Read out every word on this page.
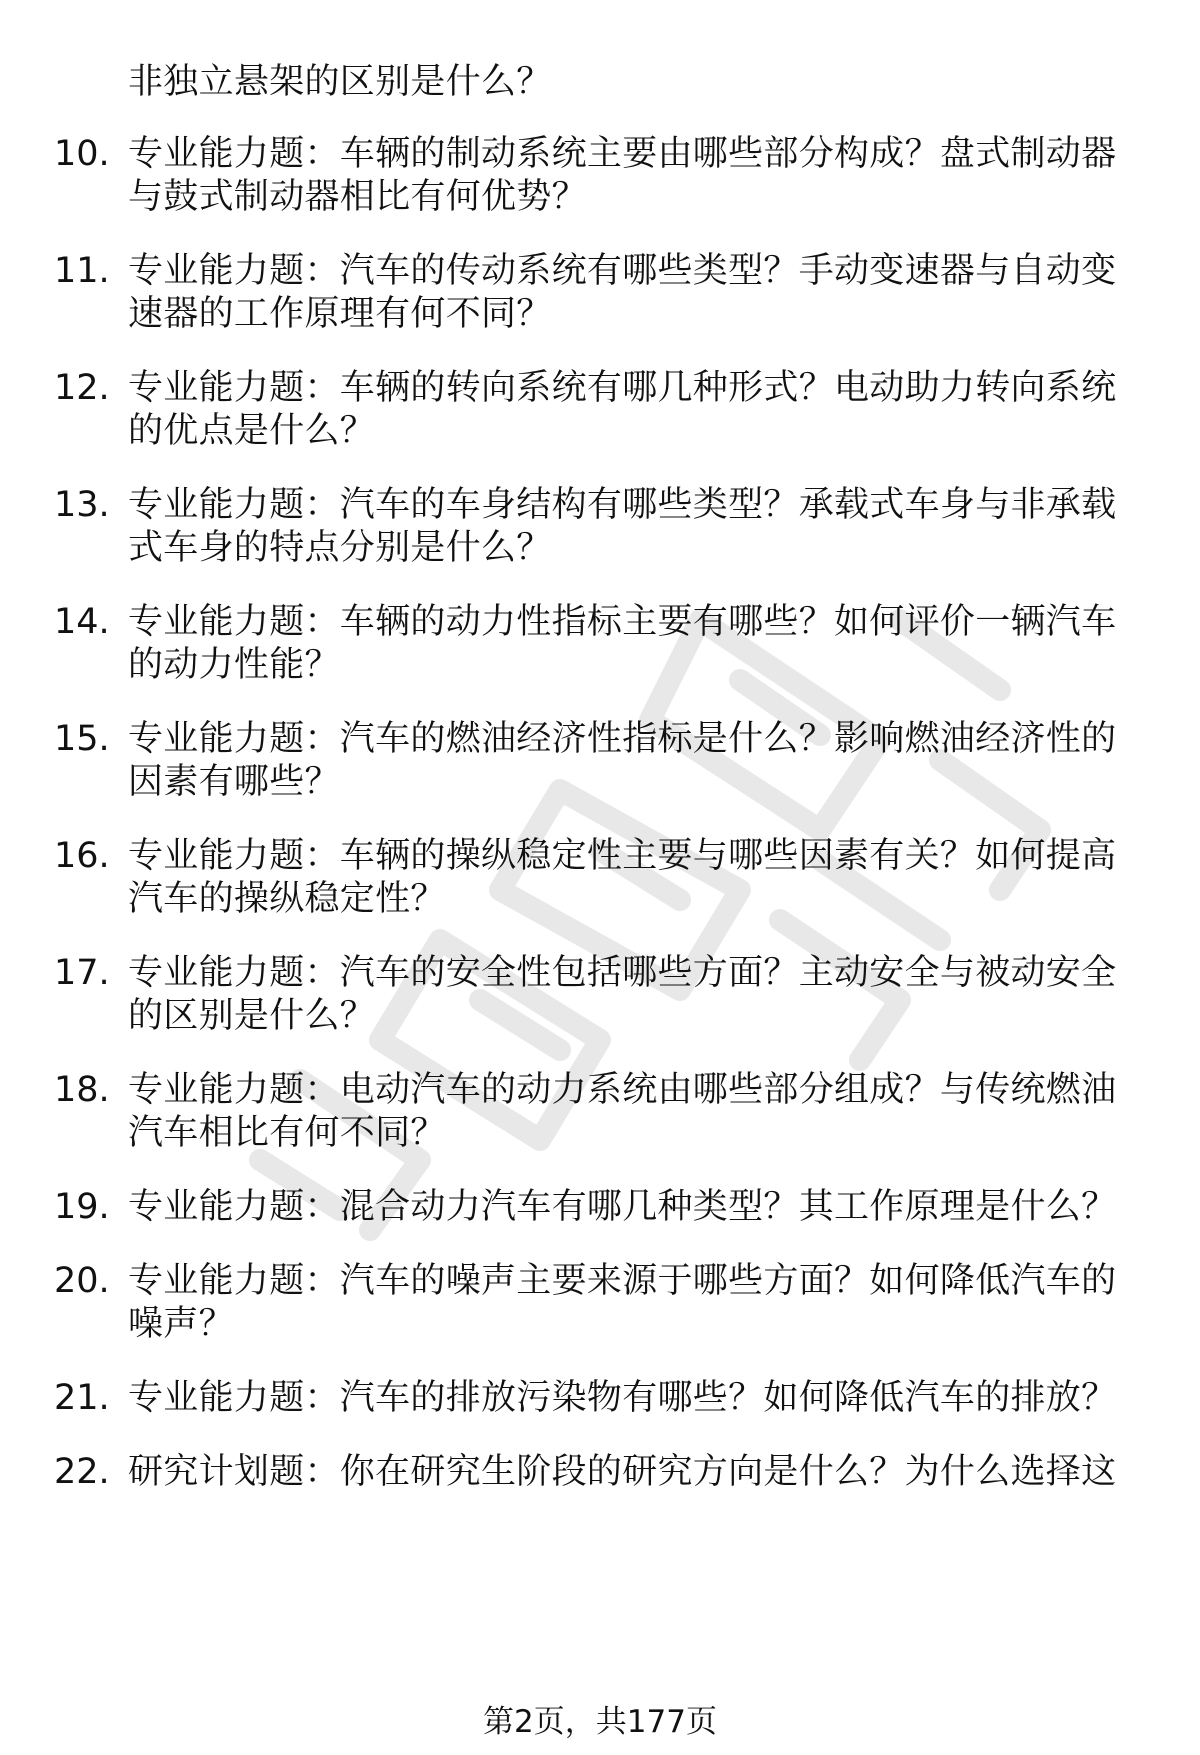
非独立悬架的区别是什么？
10. 专业能力题：车辆的制动系统主要由哪些部分构成？盘式制动器
与鼓式制动器相比有何优势？
11. 专业能力题：汽车的传动系统有哪些类型？手动变速器与自动变
速器的工作原理有何不同？
12. 专业能力题：车辆的转向系统有哪几种形式？电动助力转向系统
的优点是什么？
13. 专业能力题：汽车的车身结构有哪些类型？承载式车身与非承载
式车身的特点分别是什么？
14. 专业能力题：车辆的动力性指标主要有哪些？如何评价一辆汽车
的动力性能？
15. 专业能力题：汽车的燃油经济性指标是什么？影响燃油经济性的
因素有哪些？
16. 专业能力题：车辆的操纵稳定性主要与哪些因素有关？如何提高
汽车的操纵稳定性？
17. 专业能力题：汽车的安全性包括哪些方面？主动安全与被动安全
的区别是什么？
18. 专业能力题：电动汽车的动力系统由哪些部分组成？与传统燃油
汽车相比有何不同？
19. 专业能力题：混合动力汽车有哪几种类型？其工作原理是什么？
20. 专业能力题：汽车的噪声主要来源于哪些方面？如何降低汽车的
噪声？
21. 专业能力题：汽车的排放污染物有哪些？如何降低汽车的排放？
22. 研究计划题：你在研究生阶段的研究方向是什么？为什么选择这
第2页，共177页
